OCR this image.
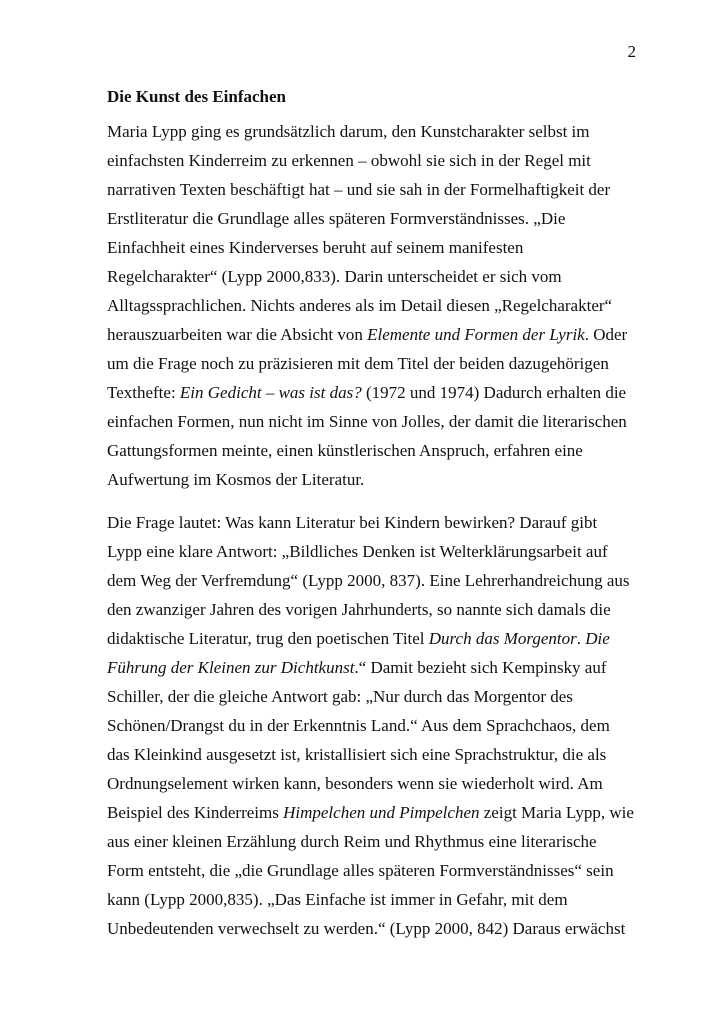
2
Die Kunst des Einfachen

Maria Lypp ging es grundsätzlich darum, den Kunstcharakter selbst im
einfachsten Kinderreim zu erkennen – obwohl sie sich in der Regel mit
narrativen Texten beschäftigt hat – und sie sah in der Formelhaftigkeit der
Erstliteratur die Grundlage alles späteren Formverständnisses. „Die
Einfachheit eines Kinderverses beruht auf seinem manifesten
Regelcharakter“ (Lypp 2000,833). Darin unterscheidet er sich vom
Alltagssprachlichen. Nichts anderes als im Detail diesen „Regelcharakter“
herauszuarbeiten war die Absicht von Elemente und Formen der Lyrik. Oder
um die Frage noch zu präzisieren mit dem Titel der beiden dazugehörigen
Texthefte: Ein Gedicht – was ist das? (1972 und 1974) Dadurch erhalten die
einfachen Formen, nun nicht im Sinne von Jolles, der damit die literarischen
Gattungsformen meinte, einen künstlerischen Anspruch, erfahren eine
Aufwertung im Kosmos der Literatur.

Die Frage lautet: Was kann Literatur bei Kindern bewirken? Darauf gibt
Lypp eine klare Antwort: „Bildliches Denken ist Welterklärungsarbeit auf
dem Weg der Verfremdung“ (Lypp 2000, 837). Eine Lehrerhandreichung aus
den zwanziger Jahren des vorigen Jahrhunderts, so nannte sich damals die
didaktische Literatur, trug den poetischen Titel Durch das Morgentor. Die
Führung der Kleinen zur Dichtkunst.“ Damit bezieht sich Kempinsky auf
Schiller, der die gleiche Antwort gab: „Nur durch das Morgentor des
Schönen/Drangst du in der Erkenntnis Land.“ Aus dem Sprachchaos, dem
das Kleinkind ausgesetzt ist, kristallisiert sich eine Sprachstruktur, die als
Ordnungselement wirken kann, besonders wenn sie wiederholt wird. Am
Beispiel des Kinderreims Himpelchen und Pimpelchen zeigt Maria Lypp, wie
aus einer kleinen Erzählung durch Reim und Rhythmus eine literarische
Form entsteht, die „die Grundlage alles späteren Formverständnisses“ sein
kann (Lypp 2000,835). „Das Einfache ist immer in Gefahr, mit dem
Unbedeutenden verwechselt zu werden.“ (Lypp 2000, 842) Daraus erwächst
